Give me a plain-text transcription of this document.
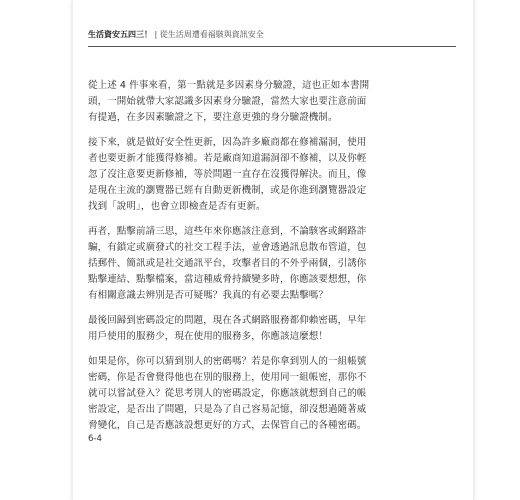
生活資安五四三！ | 從生活周遭看福駭與資訊安全
從上述 4 件事來看，第一點就是多因素身分驗證，這也正如本書開
頭，一開始就帶大家認識多因素身分驗證，當然大家也要注意前面
有提過，在多因素驗證之下，要注意更強的身分驗證機制。
接下來，就是做好安全性更新，因為許多廠商都在修補漏洞，使用
者也要更新才能獲得修補。若是廠商知道漏洞卻不修補，以及你輕
忽了沒注意要更新修補，等於問題一直存在沒獲得解決。而且，像
是現在主流的瀏覽器已經有自動更新機制，或是你進到瀏覽器設定
找到「說明」，也會立即檢查是否有更新。
再者，點擊前請三思，這些年來你應該注意到，不論駭客或網路詐
騙，有鎖定或廣發式的社交工程手法，並會透過訊息散布管道，包
括郵件、簡訊或是社交通訊平台，攻擊者目的不外乎兩個，引誘你
點擊連結、點擊檔案，當這種威脅持續變多時，你應該要想想，你
有相關意識去辨別是否可疑嗎？我真的有必要去點擊嗎？
最後回歸到密碼設定的問題，現在各式網路服務都仰賴密碼，早年
用戶使用的服務少，現在使用的服務多，你應該這麼想！
如果是你，你可以猜到別人的密碼嗎？若是你拿到別人的一組帳號
密碼，你是否會覺得他也在別的服務上，使用同一組帳密，那你不
就可以嘗試登入？從思考別人的密碼設定，你應該就想到自己的帳
密設定，是否出了問題，只是為了自己容易記憶，卻沒想過隨著威
脅變化，自己是否應該設想更好的方式，去保管自己的各種密碼。
6-4
